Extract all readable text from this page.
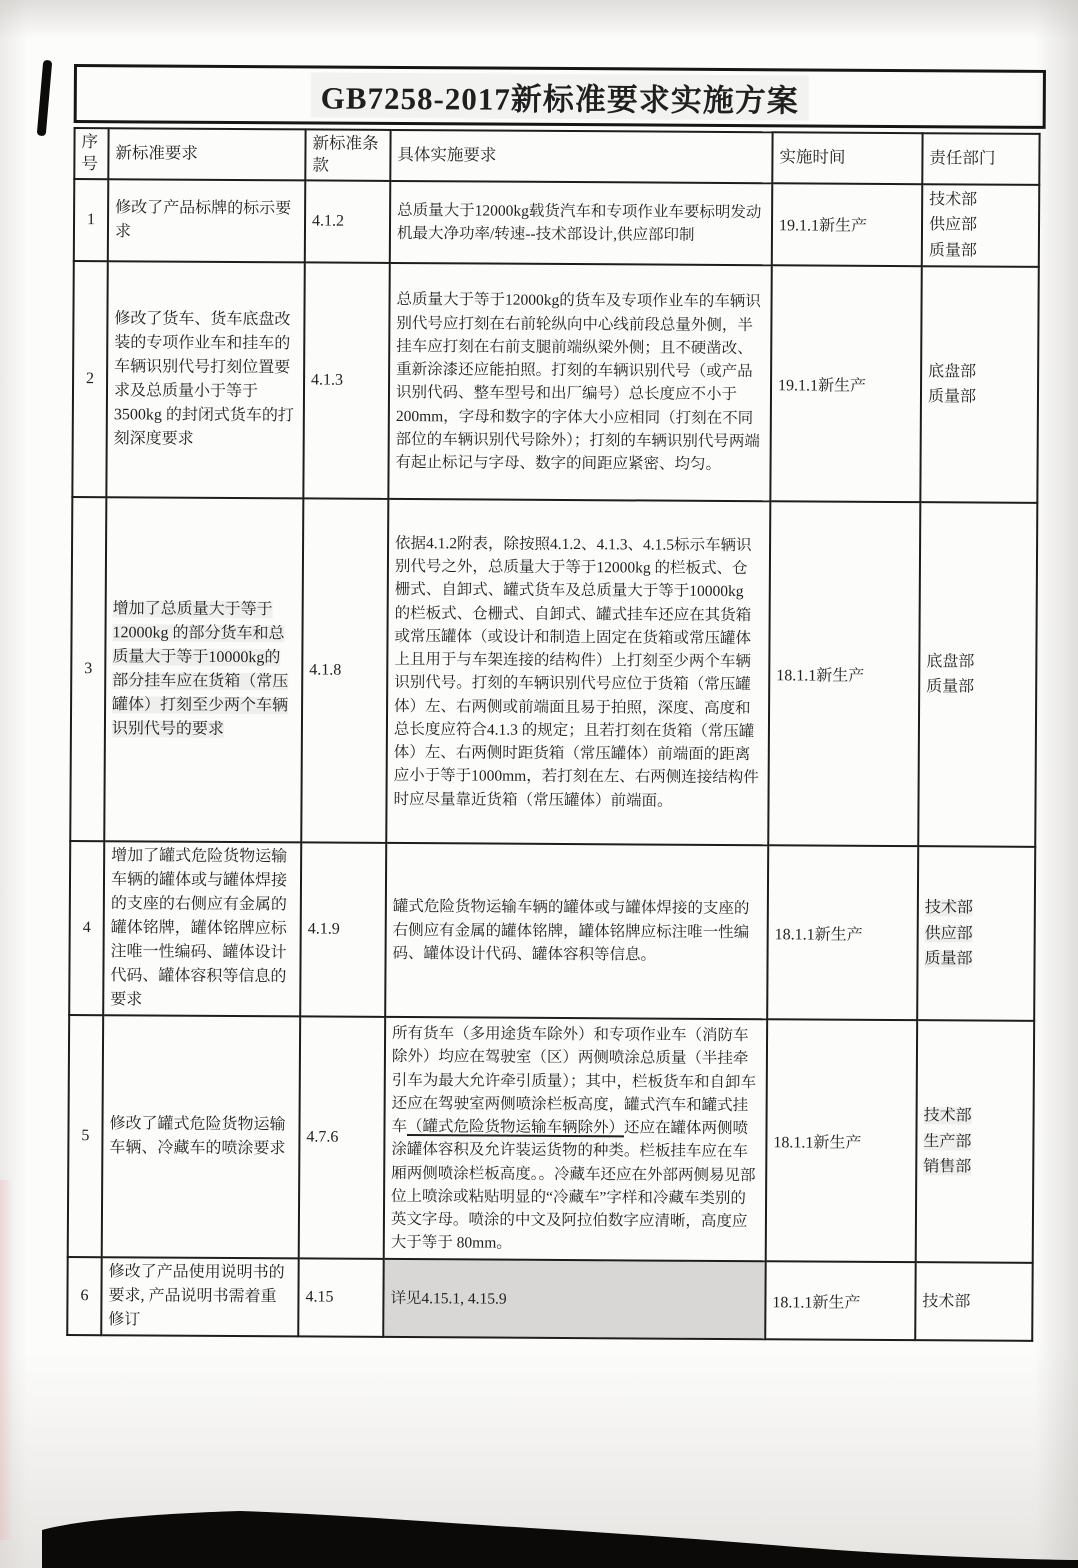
GB7258-2017新标准要求实施方案
序号	新标准要求	新标准条款	具体实施要求	实施时间	责任部门
1	修改了产品标牌的标示要求	4.1.2	总质量大于12000kg载货汽车和专项作业车要标明发动机最大净功率/转速--技术部设计,供应部印制	19.1.1新生产	技术部
供应部
质量部
2	修改了货车、货车底盘改装的专项作业车和挂车的车辆识别代号打刻位置要求及总质量小于等于3500kg 的封闭式货车的打刻深度要求	4.1.3	总质量大于等于12000kg的货车及专项作业车的车辆识别代号应打刻在右前轮纵向中心线前段总量外侧，半挂车应打刻在右前支腿前端纵梁外侧；且不硬凿改、重新涂漆还应能拍照。打刻的车辆识别代号（或产品识别代码、整车型号和出厂编号）总长度应不小于200mm，字母和数字的字体大小应相同（打刻在不同部位的车辆识别代号除外）；打刻的车辆识别代号两端有起止标记与字母、数字的间距应紧密、均匀。	19.1.1新生产	底盘部
质量部
3	增加了总质量大于等于12000kg 的部分货车和总质量大于等于10000kg的部分挂车应在货箱（常压罐体）打刻至少两个车辆识别代号的要求	4.1.8	依据4.1.2附表，除按照4.1.2、4.1.3、4.1.5标示车辆识别代号之外，总质量大于等于12000kg 的栏板式、仓栅式、自卸式、罐式货车及总质量大于等于10000kg 的栏板式、仓栅式、自卸式、罐式挂车还应在其货箱或常压罐体（或设计和制造上固定在货箱或常压罐体上且用于与车架连接的结构件）上打刻至少两个车辆识别代号。打刻的车辆识别代号应位于货箱（常压罐体）左、右两侧或前端面且易于拍照，深度、高度和总长度应符合4.1.3 的规定；且若打刻在货箱（常压罐体）左、右两侧时距货箱（常压罐体）前端面的距离应小于等于1000mm，若打刻在左、右两侧连接结构件时应尽量靠近货箱（常压罐体）前端面。	18.1.1新生产	底盘部
质量部
4	增加了罐式危险货物运输车辆的罐体或与罐体焊接的支座的右侧应有金属的罐体铭牌，罐体铭牌应标注唯一性编码、罐体设计代码、罐体容积等信息的要求	4.1.9	罐式危险货物运输车辆的罐体或与罐体焊接的支座的右侧应有金属的罐体铭牌，罐体铭牌应标注唯一性编码、罐体设计代码、罐体容积等信息。	18.1.1新生产	技术部
供应部
质量部
5	修改了罐式危险货物运输车辆、冷藏车的喷涂要求	4.7.6	所有货车（多用途货车除外）和专项作业车（消防车除外）均应在驾驶室（区）两侧喷涂总质量（半挂牵引车为最大允许牵引质量）；其中，栏板货车和自卸车还应在驾驶室两侧喷涂栏板高度，罐式汽车和罐式挂车（罐式危险货物运输车辆除外）还应在罐体两侧喷涂罐体容积及允许装运货物的种类。栏板挂车应在车厢两侧喷涂栏板高度。。冷藏车还应在外部两侧易见部位上喷涂或粘贴明显的“冷藏车”字样和冷藏车类别的英文字母。喷涂的中文及阿拉伯数字应清晰，高度应大于等于 80mm。	18.1.1新生产	技术部
生产部
销售部
6	修改了产品使用说明书的要求, 产品说明书需着重修订	4.15	详见4.15.1, 4.15.9	18.1.1新生产	技术部
